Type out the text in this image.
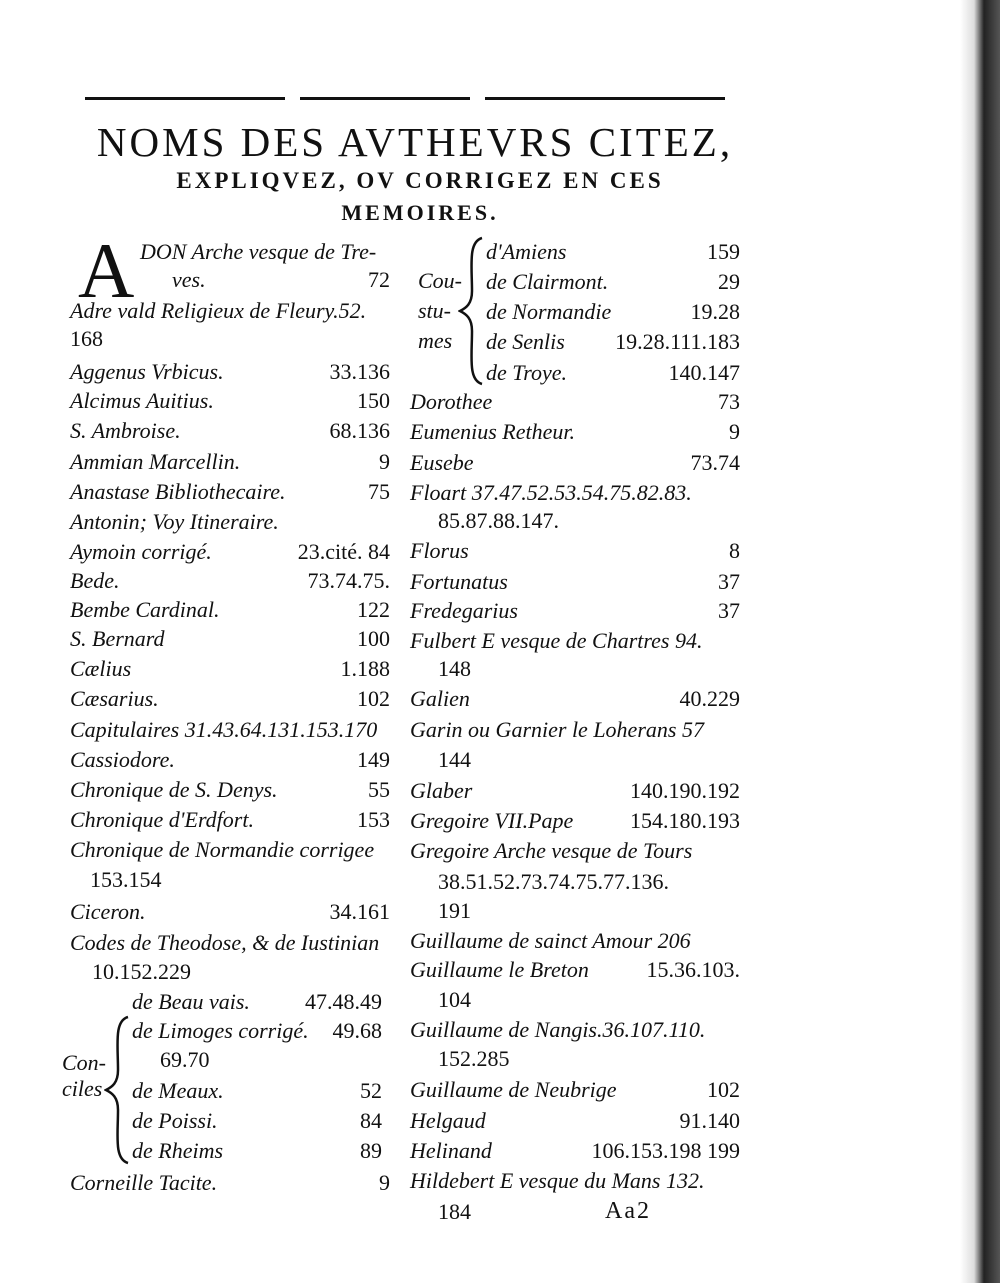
NOMS DES AVTHEVRS CITEZ,
EXPLIQVEZ, OV CORRIGEZ EN CES
MEMOIRES.
A DON Arche vesque de Tre-
ves.	72
Adre vald Religieux de Fleury.52.
168
Aggenus Vrbicus.	33.136
Alcimus Auitius.	150
S. Ambroise.	68.136
Ammian Marcellin.	9
Anastase Bibliothecaire.	75
Antonin; Voy Itineraire.
Aymoin corrigé.	23.cité. 84
Bede.	73.74.75.
Bembe Cardinal.	122
S. Bernard	100
Cælius	1.188
Cæsarius.	102
Capitulaires 31.43.64.131.153.170
Cassiodore.	149
Chronique de S. Denys.	55
Chronique d'Erdfort.	153
Chronique de Normandie corrigee
153.154
Ciceron.	34.161
Codes de Theodose, & de Iustinian
10.152.229
de Beau vais.	47.48.49
de Limoges corrigé. 49.68
69.70
de Meaux.	52
de Poissi.	84
de Rheims	89
Con-
ciles
Corneille Tacite.	9
Cou-
stu-
mes
d'Amiens	159
de Clairmont.	29
de Normandie	19.28
de Senlis 19.28.111.183
de Troye.	140.147
Dorothee	73
Eumenius Retheur.	9
Eusebe	73.74
Floart 37.47.52.53.54.75.82.83.
85.87.88.147.
Florus	8
Fortunatus	37
Fredegarius	37
Fulbert E vesque de Chartres 94.
148
Galien	40.229
Garin ou Garnier le Loherans 57
144
Glaber	140.190.192
Gregoire VII.Pape	154.180.193
Gregoire Arche vesque de Tours
38.51.52.73.74.75.77.136.
191
Guillaume de sainct Amour 206
Guillaume le Breton	15.36.103.
104
Guillaume de Nangis.36.107.110.
152.285
Guillaume de Neubrige	102
Helgaud	91.140
Helinand	106.153.198 199
Hildebert E vesque du Mans 132.
184	Aa2
